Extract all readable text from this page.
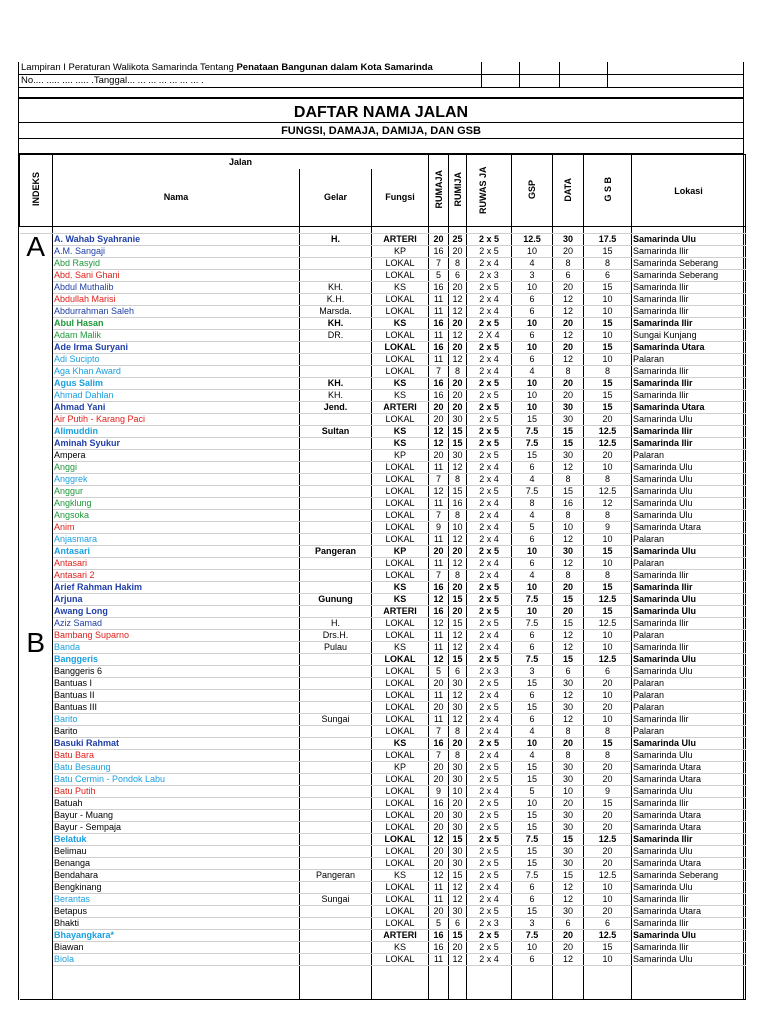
Lampiran I Peraturan Walikota Samarinda Tentang Penataan Bangunan dalam Kota Samarinda
No.... ..... .... ..... .Tanggal... ... ... ... ... ... ... .
DAFTAR NAMA JALAN
FUNGSI, DAMAJA, DAMIJA, DAN GSB
INDEKS	Jalan			RUMAJA	RUMIJA	RUWAS JA	GSP	DATA	G S B	Lokasi
	Nama	Gelar	Fungsi							

A	A. Wahab Syahranie	H.	ARTERI	20	25	2 x 5	12.5	30	17.5	Samarinda Ulu
	A.M. Sangaji		KP	16	20	2 x 5	10	20	15	Samarinda Ilir
	Abd Rasyid		LOKAL	7	8	2 x 4	4	8	8	Samarinda Seberang
	Abd. Sani Ghani		LOKAL	5	6	2 x 3	3	6	6	Samarinda Seberang
	Abdul Muthalib	KH.	KS	16	20	2 x 5	10	20	15	Samarinda Ilir
	Abdullah Marisi	K.H.	LOKAL	11	12	2 x 4	6	12	10	Samarinda Ilir
	Abdurrahman Saleh	Marsda.	LOKAL	11	12	2 x 4	6	12	10	Samarinda Ilir
	Abul Hasan	KH.	KS	16	20	2 x 5	10	20	15	Samarinda Ilir
	Adam Malik	DR.	LOKAL	11	12	2 X 4	6	12	10	Sungai Kunjang
	Ade Irma Suryani		LOKAL	16	20	2 x 5	10	20	15	Samarinda Utara
	Adi Sucipto		LOKAL	11	12	2 x 4	6	12	10	Palaran
	Aga Khan Award		LOKAL	7	8	2 x 4	4	8	8	Samarinda Ilir
	Agus Salim	KH.	KS	16	20	2 x 5	10	20	15	Samarinda Ilir
	Ahmad Dahlan	KH.	KS	16	20	2 x 5	10	20	15	Samarinda Ilir
	Ahmad Yani	Jend.	ARTERI	20	20	2 x 5	10	30	15	Samarinda Utara
	Air Putih - Karang Paci		LOKAL	20	30	2 x 5	15	30	20	Samarinda Ulu
	Alimuddin	Sultan	KS	12	15	2 x 5	7.5	15	12.5	Samarinda Ilir
	Aminah Syukur		KS	12	15	2 x 5	7.5	15	12.5	Samarinda Ilir
	Ampera		KP	20	30	2 x 5	15	30	20	Palaran
	Anggi		LOKAL	11	12	2 x 4	6	12	10	Samarinda Ulu
	Anggrek		LOKAL	7	8	2 x 4	4	8	8	Samarinda Ulu
	Anggur		LOKAL	12	15	2 x 5	7.5	15	12.5	Samarinda Ulu
	Angklung		LOKAL	11	16	2 x 4	8	16	12	Samarinda Ulu
	Angsoka		LOKAL	7	8	2 x 4	4	8	8	Samarinda Ulu
	Anim		LOKAL	9	10	2 x 4	5	10	9	Samarinda Utara
	Anjasmara		LOKAL	11	12	2 x 4	6	12	10	Palaran
	Antasari	Pangeran	KP	20	20	2 x 5	10	30	15	Samarinda Ulu
	Antasari		LOKAL	11	12	2 x 4	6	12	10	Palaran
	Antasari 2		LOKAL	7	8	2 x 4	4	8	8	Samarinda Ilir
	Arief Rahman Hakim		KS	16	20	2 x 5	10	20	15	Samarinda Ilir
	Arjuna	Gunung	KS	12	15	2 x 5	7.5	15	12.5	Samarinda Ulu
	Awang Long		ARTERI	16	20	2 x 5	10	20	15	Samarinda Ulu
	Aziz Samad	H.	LOKAL	12	15	2 x 5	7.5	15	12.5	Samarinda Ilir
B	Bambang Suparno	Drs.H.	LOKAL	11	12	2 x 4	6	12	10	Palaran
	Banda	Pulau	KS	11	12	2 x 4	6	12	10	Samarinda Ilir
	Banggeris		LOKAL	12	15	2 x 5	7.5	15	12.5	Samarinda Ulu
	Banggeris 6		LOKAL	5	6	2 x 3	3	6	6	Samarinda Ulu
	Bantuas I		LOKAL	20	30	2 x 5	15	30	20	Palaran
	Bantuas II		LOKAL	11	12	2 x 4	6	12	10	Palaran
	Bantuas III		LOKAL	20	30	2 x 5	15	30	20	Palaran
	Barito	Sungai	LOKAL	11	12	2 x 4	6	12	10	Samarinda Ilir
	Barito		LOKAL	7	8	2 x 4	4	8	8	Palaran
	Basuki Rahmat		KS	16	20	2 x 5	10	20	15	Samarinda Ulu
	Batu Bara		LOKAL	7	8	2 x 4	4	8	8	Samarinda Ulu
	Batu Besaung		KP	20	30	2 x 5	15	30	20	Samarinda Utara
	Batu Cermin - Pondok Labu		LOKAL	20	30	2 x 5	15	30	20	Samarinda Utara
	Batu Putih		LOKAL	9	10	2 x 4	5	10	9	Samarinda Ulu
	Batuah		LOKAL	16	20	2 x 5	10	20	15	Samarinda Ilir
	Bayur - Muang		LOKAL	20	30	2 x 5	15	30	20	Samarinda Utara
	Bayur - Sempaja		LOKAL	20	30	2 x 5	15	30	20	Samarinda Utara
	Belatuk		LOKAL	12	15	2 x 5	7.5	15	12.5	Samarinda Ilir
	Belimau		LOKAL	20	30	2 x 5	15	30	20	Samarinda Ulu
	Benanga		LOKAL	20	30	2 x 5	15	30	20	Samarinda Utara
	Bendahara	Pangeran	KS	12	15	2 x 5	7.5	15	12.5	Samarinda Seberang
	Bengkinang		LOKAL	11	12	2 x 4	6	12	10	Samarinda Ulu
	Berantas	Sungai	LOKAL	11	12	2 x 4	6	12	10	Samarinda Ilir
	Betapus		LOKAL	20	30	2 x 5	15	30	20	Samarinda Utara
	Bhakti		LOKAL	5	6	2 x 3	3	6	6	Samarinda Ilir
	Bhayangkara*		ARTERI	16	15	2 x 5	7.5	20	12.5	Samarinda Ulu
	Biawan		KS	16	20	2 x 5	10	20	15	Samarinda Ilir
	Biola		LOKAL	11	12	2 x 4	6	12	10	Samarinda Ulu
